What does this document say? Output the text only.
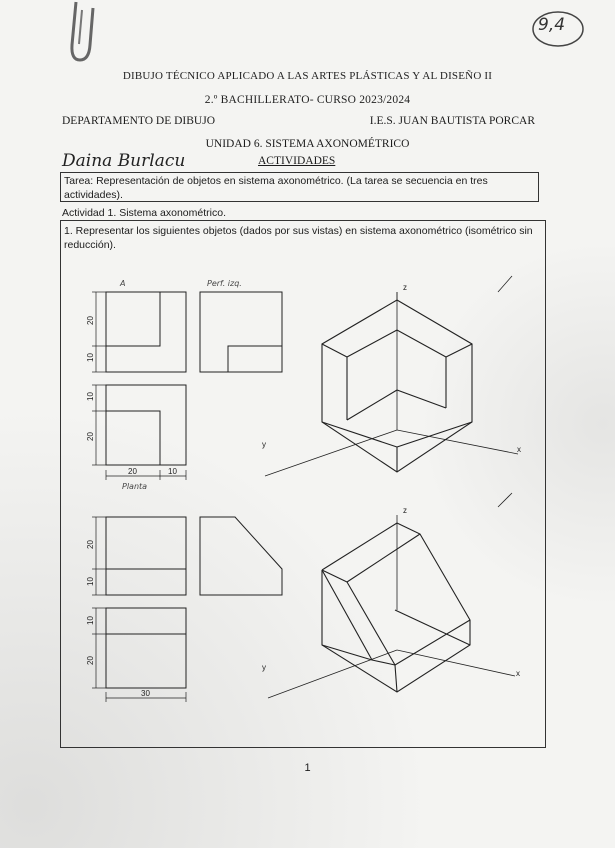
9,4
DIBUJO TÉCNICO APLICADO A LAS ARTES PLÁSTICAS Y AL DISEÑO II
2.º BACHILLERATO- CURSO 2023/2024
DEPARTAMENTO DE DIBUJO	I.E.S. JUAN BAUTISTA PORCAR
UNIDAD 6. SISTEMA AXONOMÉTRICO
Daina Burlacu	ACTIVIDADES
Tarea: Representación de objetos en sistema axonométrico. (La tarea se secuencia en tres actividades).
Actividad 1. Sistema axonométrico.
1. Representar los siguientes objetos (dados por sus vistas) en sistema axonométrico (isométrico sin reducción).
20
10
10
20
20	10
A	Perf. izq.
Planta
z
y
x
20
10
10
20
30
z
y
x
1
